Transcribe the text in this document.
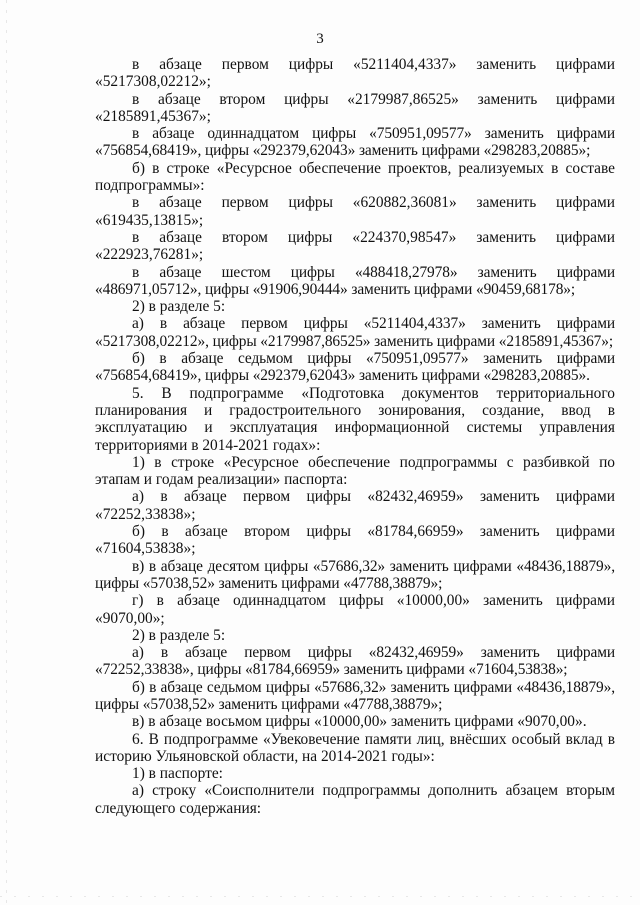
3

в абзаце первом цифры «5211404,4337» заменить цифрами «5217308,02212»;

в абзаце втором цифры «2179987,86525» заменить цифрами «2185891,45367»;

в абзаце одиннадцатом цифры «750951,09577» заменить цифрами «756854,68419», цифры «292379,62043» заменить цифрами «298283,20885»;

б) в строке «Ресурсное обеспечение проектов, реализуемых в составе подпрограммы»:

в абзаце первом цифры «620882,36081» заменить цифрами «619435,13815»;

в абзаце втором цифры «224370,98547» заменить цифрами «222923,76281»;

в абзаце шестом цифры «488418,27978» заменить цифрами «486971,05712», цифры «91906,90444» заменить цифрами «90459,68178»;

2) в разделе 5:

а) в абзаце первом цифры «5211404,4337» заменить цифрами «5217308,02212», цифры «2179987,86525» заменить цифрами «2185891,45367»;

б) в абзаце седьмом цифры «750951,09577» заменить цифрами «756854,68419», цифры «292379,62043» заменить цифрами «298283,20885».

5. В подпрограмме «Подготовка документов территориального планирования и градостроительного зонирования, создание, ввод в эксплуатацию и эксплуатация информационной системы управления территориями в 2014-2021 годах»:

1) в строке «Ресурсное обеспечение подпрограммы с разбивкой по этапам и годам реализации» паспорта:

а) в абзаце первом цифры «82432,46959» заменить цифрами «72252,33838»;

б) в абзаце втором цифры «81784,66959» заменить цифрами «71604,53838»;

в) в абзаце десятом цифры «57686,32» заменить цифрами «48436,18879», цифры «57038,52» заменить цифрами «47788,38879»;

г) в абзаце одиннадцатом цифры «10000,00» заменить цифрами «9070,00»;

2) в разделе 5:

а) в абзаце первом цифры «82432,46959» заменить цифрами «72252,33838», цифры «81784,66959» заменить цифрами «71604,53838»;

б) в абзаце седьмом цифры «57686,32» заменить цифрами «48436,18879», цифры «57038,52» заменить цифрами «47788,38879»;

в) в абзаце восьмом цифры «10000,00» заменить цифрами «9070,00».

6. В подпрограмме «Увековечение памяти лиц, внёсших особый вклад в историю Ульяновской области, на 2014-2021 годы»:

1) в паспорте:

а) строку «Соисполнители подпрограммы дополнить абзацем вторым следующего содержания:
